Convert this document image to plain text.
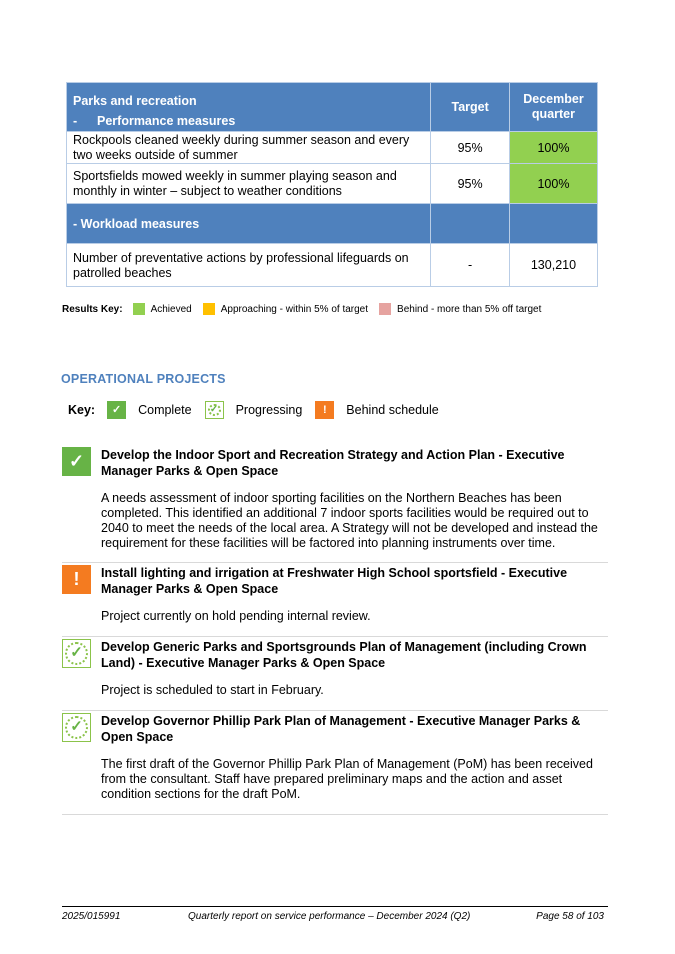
Parks and recreation
- Performance measures	Target	December quarter
Rockpools cleaned weekly during summer season and every two weeks outside of summer	95%	100%
Sportsfields mowed weekly in summer playing season and monthly in winter – subject to weather conditions	95%	100%
- Workload measures		
Number of preventative actions by professional lifeguards on patrolled beaches	-	130,210
Results Key:	Achieved	Approaching - within 5% of target	Behind - more than 5% off target
OPERATIONAL PROJECTS
Key:	✓	Complete	✓	Progressing	!	Behind schedule
✓	Develop the Indoor Sport and Recreation Strategy and Action Plan - Executive Manager Parks & Open Space
A needs assessment of indoor sporting facilities on the Northern Beaches has been completed. This identified an additional 7 indoor sports facilities would be required out to 2040 to meet the needs of the local area. A Strategy will not be developed and instead the requirement for these facilities will be factored into planning instruments over time.
!	Install lighting and irrigation at Freshwater High School sportsfield - Executive Manager Parks & Open Space
Project currently on hold pending internal review.
✓	Develop Generic Parks and Sportsgrounds Plan of Management (including Crown Land) - Executive Manager Parks & Open Space
Project is scheduled to start in February.
✓	Develop Governor Phillip Park Plan of Management - Executive Manager Parks & Open Space
The first draft of the Governor Phillip Park Plan of Management (PoM) has been received from the consultant. Staff have prepared preliminary maps and the action and asset condition sections for the draft PoM.
2025/015991	Quarterly report on service performance – December 2024 (Q2)	Page 58 of 103
